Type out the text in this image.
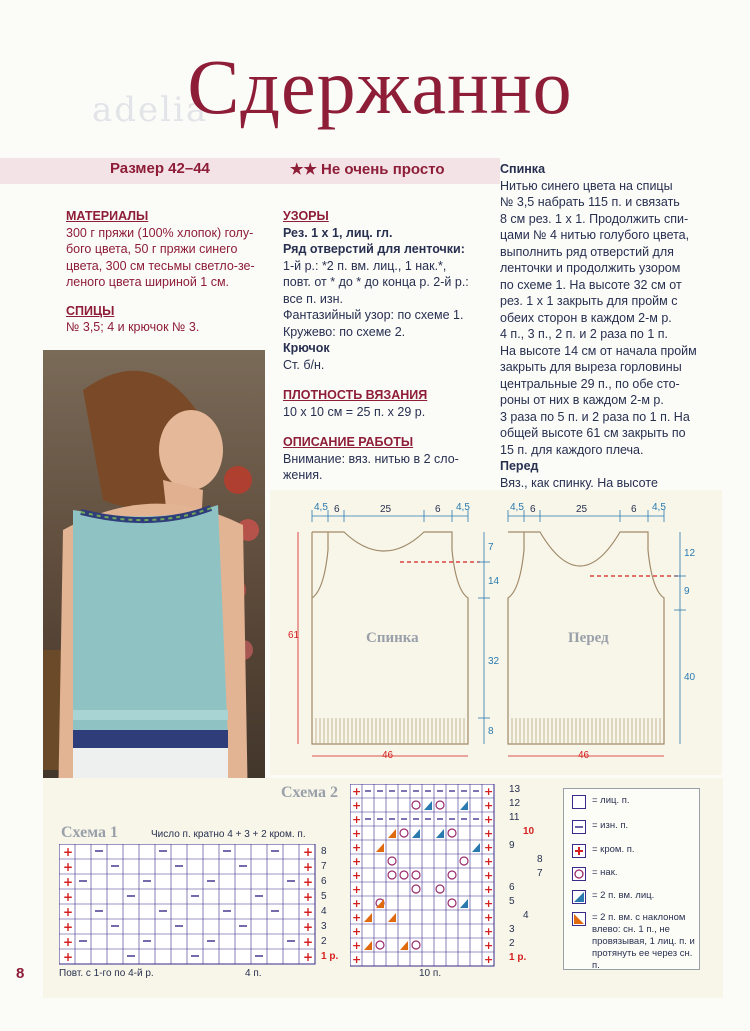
adelia
Сдержанно
Размер 42–44	★★ Не очень просто
МАТЕРИАЛЫ
300 г пряжи (100% хлопок) голу-
бого цвета, 50 г пряжи синего
цвета, 300 см тесьмы светло-зе-
леного цвета шириной 1 см.
СПИЦЫ
№ 3,5; 4 и крючок № 3.
УЗОРЫ
Рез. 1 х 1, лиц. гл.
Ряд отверстий для ленточки:
1-й р.: *2 п. вм. лиц., 1 нак.*,
повт. от * до * до конца р. 2-й р.:
все п. изн.
Фантазийный узор: по схеме 1.
Кружево: по схеме 2.
Крючок
Ст. б/н.
ПЛОТНОСТЬ ВЯЗАНИЯ
10 х 10 см = 25 п. х 29 р.
ОПИСАНИЕ РАБОТЫ
Внимание: вяз. нитью в 2 сло-
жения.
Спинка
Нитью синего цвета на спицы
№ 3,5 набрать 115 п. и связать
8 см рез. 1 х 1. Продолжить спи-
цами № 4 нитью голубого цвета,
выполнить ряд отверстий для
ленточки и продолжить узором
по схеме 1. На высоте 32 см от
рез. 1 х 1 закрыть для пройм с
обеих сторон в каждом 2-м р.
4 п., 3 п., 2 п. и 2 раза по 1 п.
На высоте 14 см от начала пройм
закрыть для выреза горловины
центральные 29 п., по обе сто-
роны от них в каждом 2-м р.
3 раза по 5 п. и 2 раза по 1 п. На
общей высоте 61 см закрыть по
15 п. для каждого плеча.
Перед
Вяз., как спинку. На высоте
4,5 6	25	6 4,5
61
7
14
32
8
46
Спинка
4,5 6	25	6 4,5
12
9
40
46
Перед
Схема 1	Число п. кратно 4 + 3 + 2 кром. п.
+
+
+
+
+
+
+
+
+
+
+
+
+
+
+
+
8
7
6
5
4
3
2
1 р.
Повт. с 1-го по 4-й р.	4 п.
Схема 2 +
+
+
+
+
+
+
+
+
+
+
+
+
+
+
+
+
+
+
+
+
+
+
+
+
+
13
12
11
10
9
8
7
6
5
4
3
2
1 р.
10 п.
= лиц. п.
= изн. п.
= кром. п.
= нак.
= 2 п. вм. лиц.
= 2 п. вм. с наклоном влево: сн. 1 п., не провязывая, 1 лиц. п. и протянуть ее через сн. п.
8
